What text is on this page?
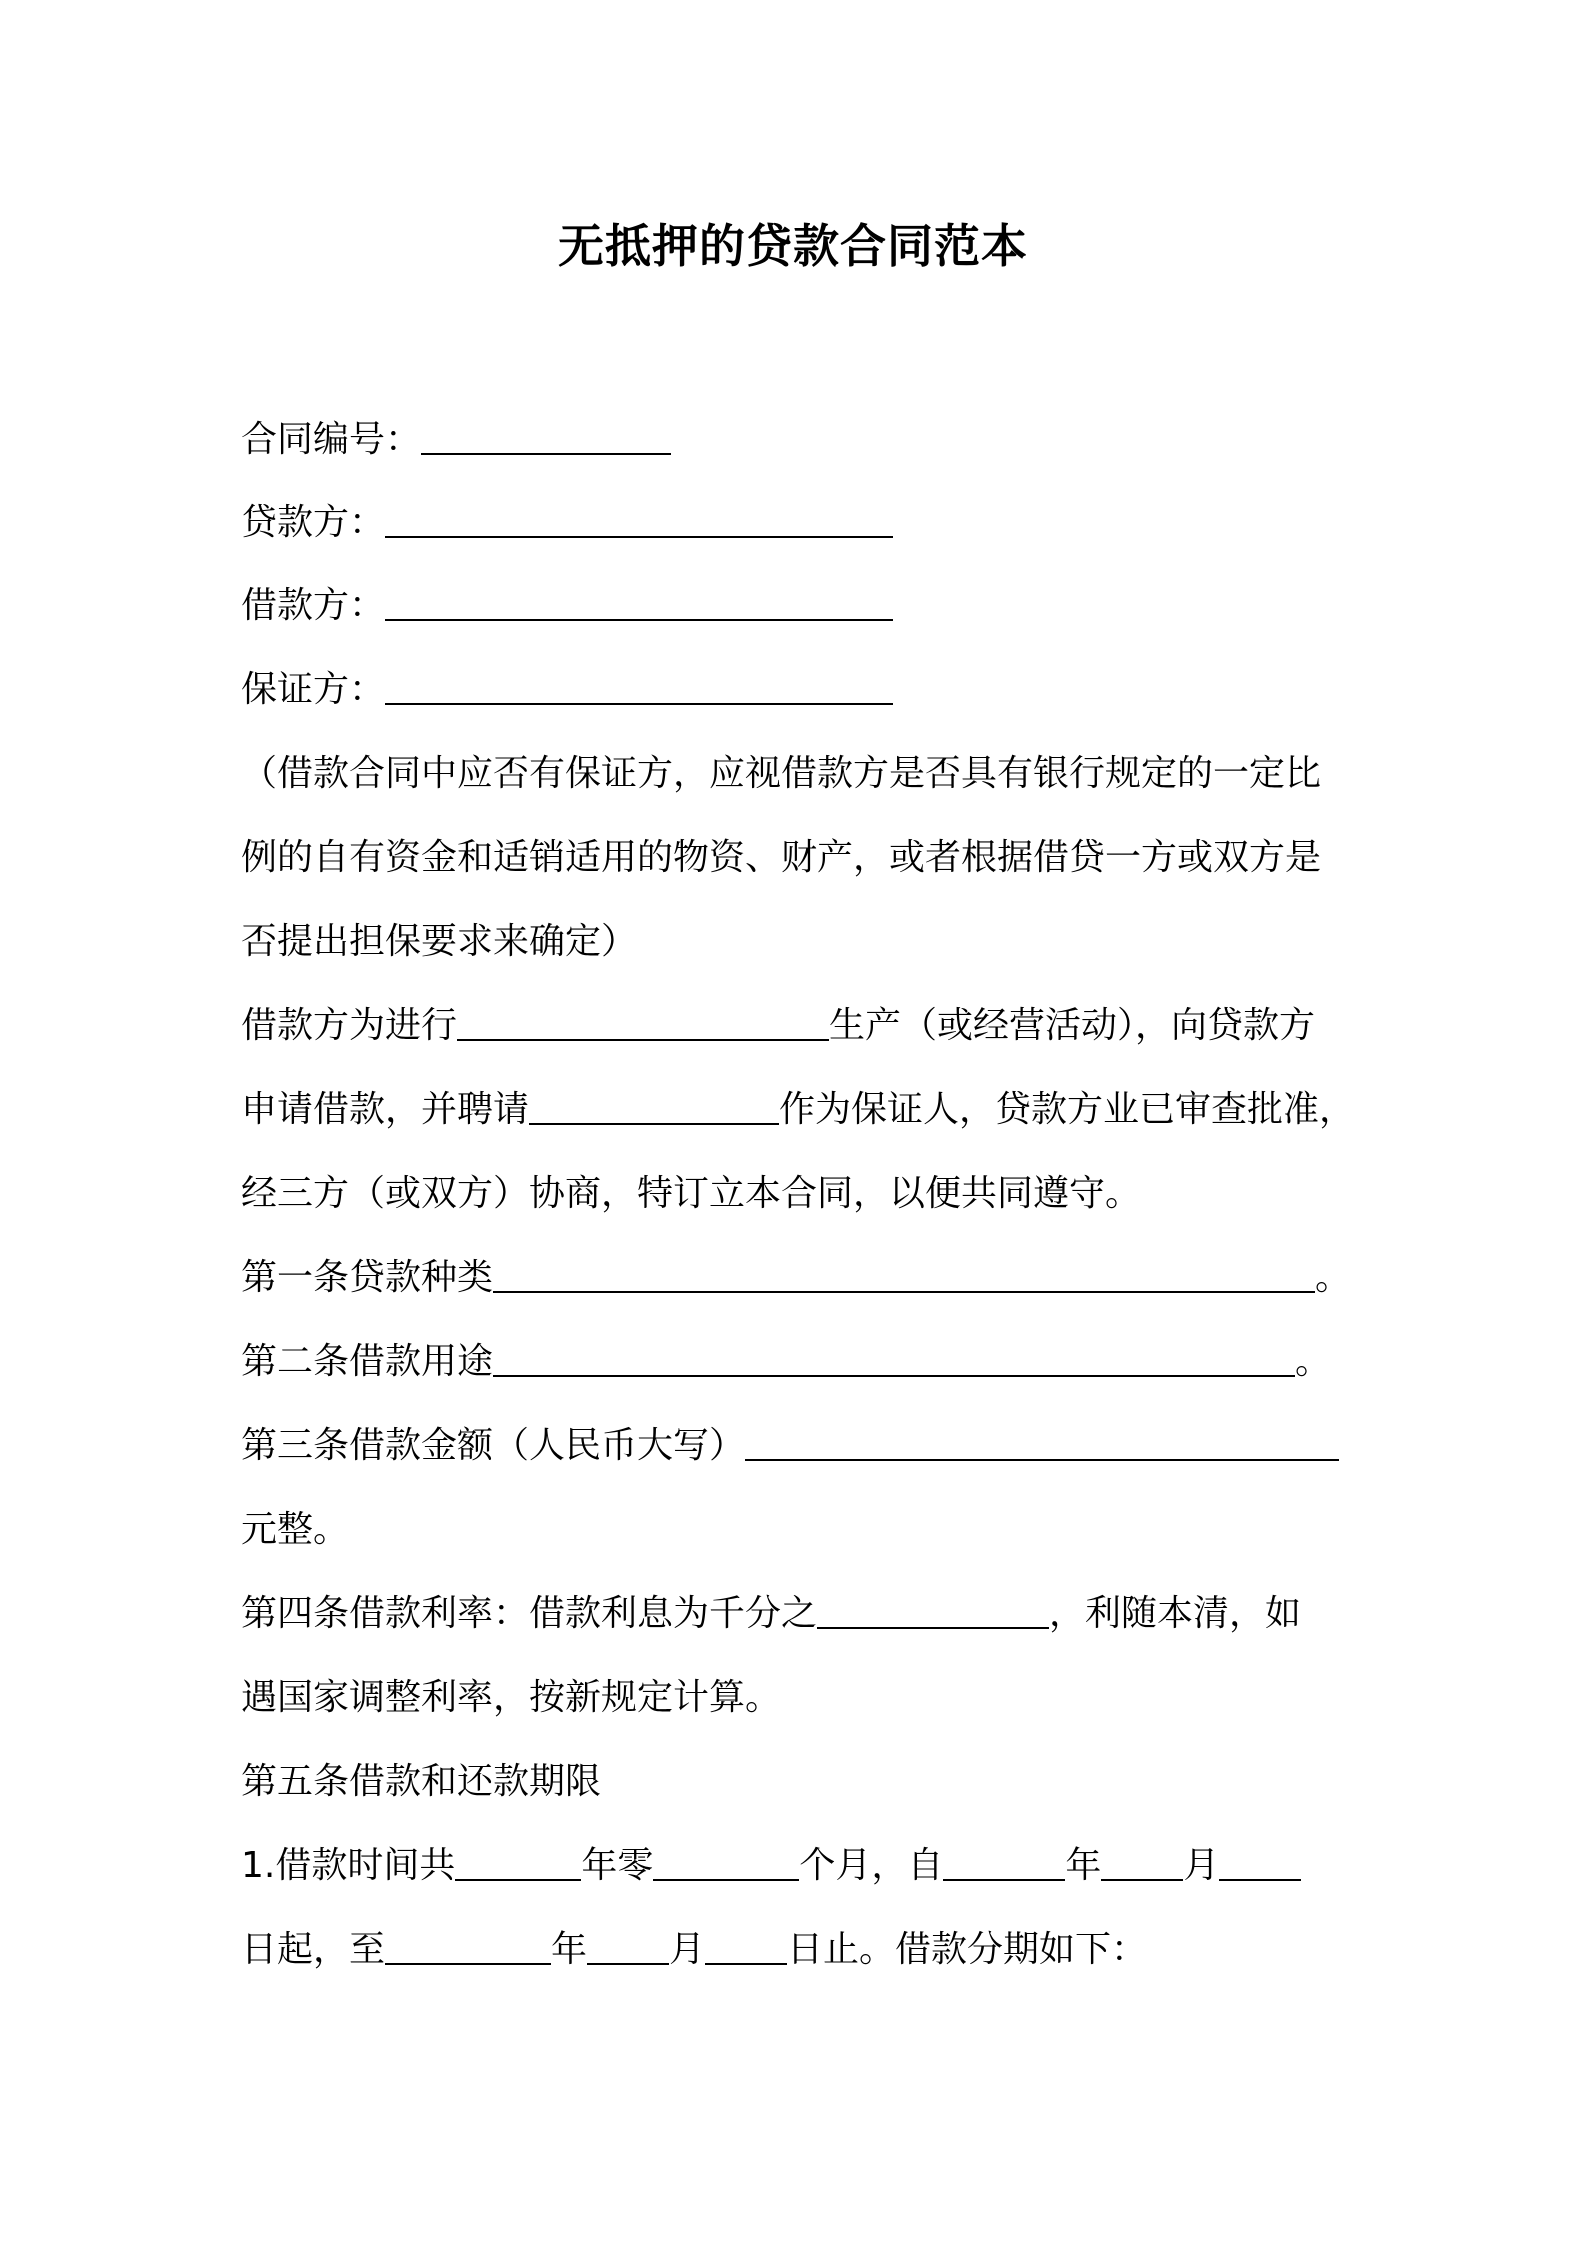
无抵押的贷款合同范本
合同编号：
贷款方：
借款方：
保证方：
（借款合同中应否有保证方，应视借款方是否具有银行规定的一定比
例的自有资金和适销适用的物资、财产，或者根据借贷一方或双方是
否提出担保要求来确定）
借款方为进行	生产（或经营活动），向贷款方
申请借款，并聘请	作为保证人，贷款方业已审查批准，
经三方（或双方）协商，特订立本合同，以便共同遵守。
第一条贷款种类	。
第二条借款用途	。
第三条借款金额（人民币大写）
元整。
第四条借款利率：借款利息为千分之	，利随本清，如
遇国家调整利率，按新规定计算。
第五条借款和还款期限
1.借款时间共	年零	个月，自	年 月
日起，至	年 月 日止。借款分期如下：
